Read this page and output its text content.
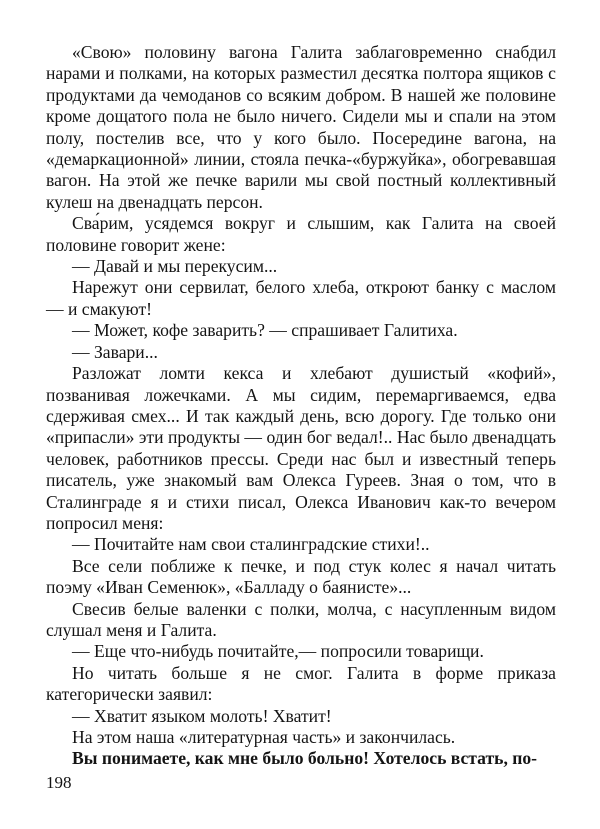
«Свою» половину вагона Галита заблаговременно снабдил нарами и полками, на которых разместил десятка полтора ящиков с продуктами да чемоданов со всяким добром. В нашей же половине кроме дощатого пола не было ничего. Сидели мы и спали на этом полу, постелив все, что у кого было. Посередине вагона, на «демаркационной» линии, стояла печка-«буржуйка», обогревавшая вагон. На этой же печке варили мы свой постный коллективный кулеш на двенадцать персон.

Сва́рим, усядемся вокруг и слышим, как Галита на своей половине говорит жене:

— Давай и мы перекусим...

Нарежут они сервилат, белого хлеба, откроют банку с маслом — и смакуют!

— Может, кофе заварить? — спрашивает Галитиха.

— Завари...

Разложат ломти кекса и хлебают душистый «кофий», позванивая ложечками. А мы сидим, перемаргиваемся, едва сдерживая смех... И так каждый день, всю дорогу. Где только они «припасли» эти продукты — один бог ведал!.. Нас было двенадцать человек, работников прессы. Среди нас был и известный теперь писатель, уже знакомый вам Олекса Гуреев. Зная о том, что в Сталинграде я и стихи писал, Олекса Иванович как-то вечером попросил меня:

— Почитайте нам свои сталинградские стихи!..

Все сели поближе к печке, и под стук колес я начал читать поэму «Иван Семенюк», «Балладу о баянисте»...

Свесив белые валенки с полки, молча, с насупленным видом слушал меня и Галита.

— Еще что-нибудь почитайте,— попросили товарищи.

Но читать больше я не смог. Галита в форме приказа категорически заявил:

— Хватит языком молоть! Хватит!

На этом наша «литературная часть» и закончилась.

Вы понимаете, как мне было больно! Хотелось встать, по-

198
